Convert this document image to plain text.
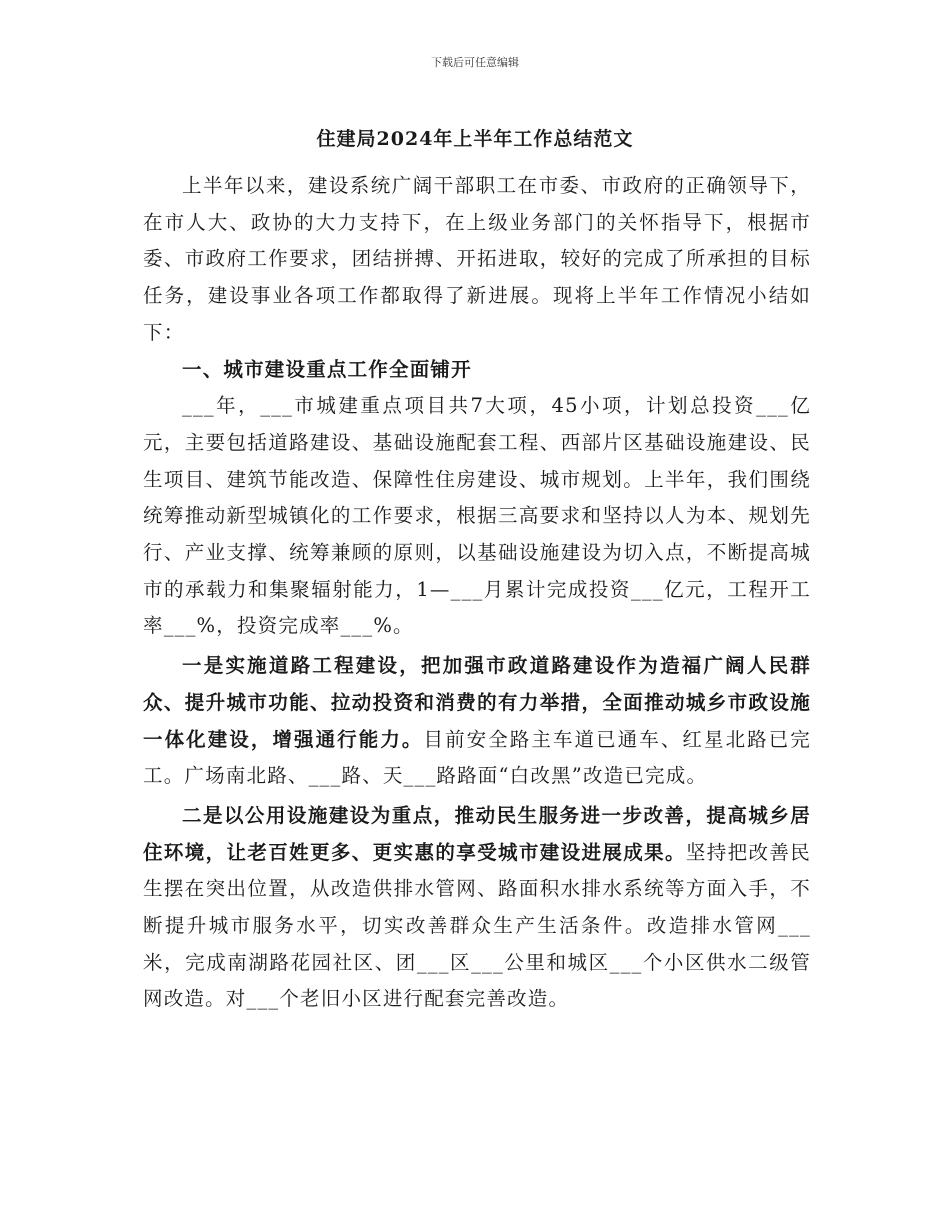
下载后可任意编辑
住建局2024年上半年工作总结范文

上半年以来，建设系统广阔干部职工在市委、市政府的正确领导下，在市人大、政协的大力支持下，在上级业务部门的关怀指导下，根据市委、市政府工作要求，团结拼搏、开拓进取，较好的完成了所承担的目标任务，建设事业各项工作都取得了新进展。现将上半年工作情况小结如下：

一、城市建设重点工作全面铺开

___年，___市城建重点项目共7大项，45小项，计划总投资___亿元，主要包括道路建设、基础设施配套工程、西部片区基础设施建设、民生项目、建筑节能改造、保障性住房建设、城市规划。上半年，我们围绕统筹推动新型城镇化的工作要求，根据三高要求和坚持以人为本、规划先行、产业支撑、统筹兼顾的原则，以基础设施建设为切入点，不断提高城市的承载力和集聚辐射能力，1—___月累计完成投资___亿元，工程开工率___%，投资完成率___%。

一是实施道路工程建设，把加强市政道路建设作为造福广阔人民群众、提升城市功能、拉动投资和消费的有力举措，全面推动城乡市政设施一体化建设，增强通行能力。目前安全路主车道已通车、红星北路已完工。广场南北路、___路、天___路路面“白改黑”改造已完成。

二是以公用设施建设为重点，推动民生服务进一步改善，提高城乡居住环境，让老百姓更多、更实惠的享受城市建设进展成果。坚持把改善民生摆在突出位置，从改造供排水管网、路面积水排水系统等方面入手，不断提升城市服务水平，切实改善群众生产生活条件。改造排水管网___米，完成南湖路花园社区、团___区___公里和城区___个小区供水二级管网改造。对___个老旧小区进行配套完善改造。
